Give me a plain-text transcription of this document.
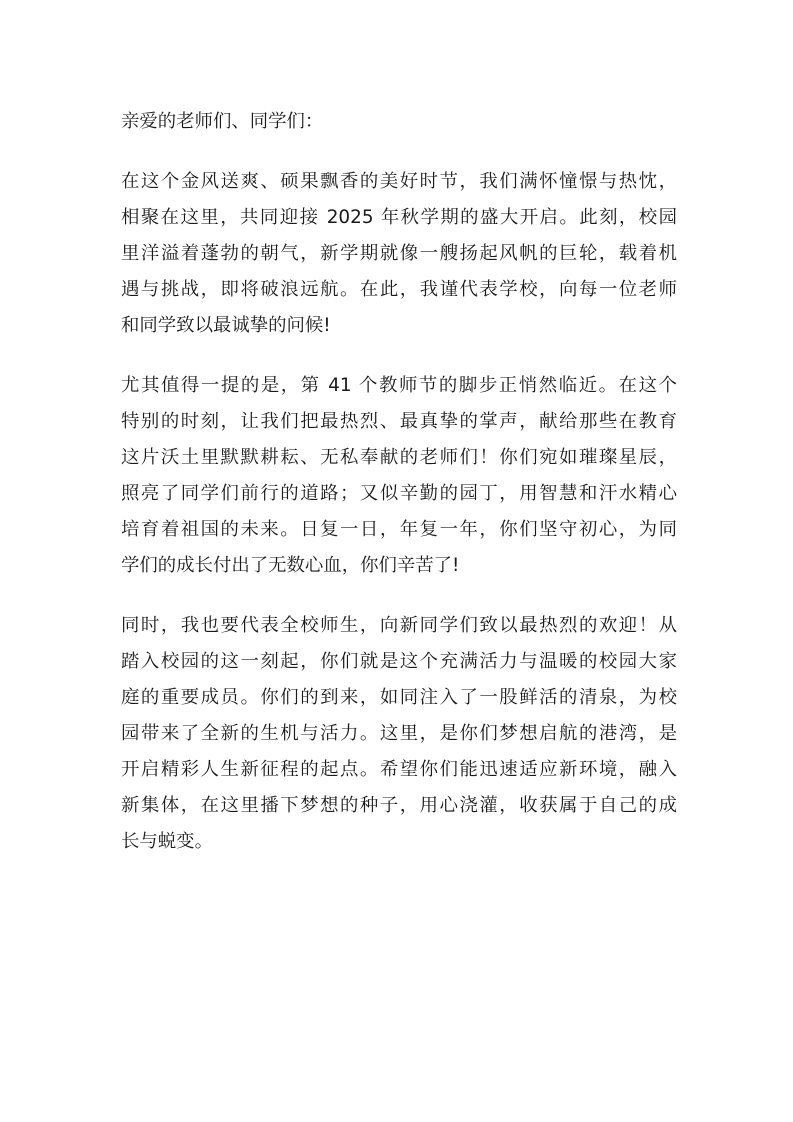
亲爱的老师们、同学们：

在这个金风送爽、硕果飘香的美好时节，我们满怀憧憬与热忱，
相聚在这里，共同迎接 2025 年秋学期的盛大开启。此刻，校园
里洋溢着蓬勃的朝气，新学期就像一艘扬起风帆的巨轮，载着机
遇与挑战，即将破浪远航。在此，我谨代表学校，向每一位老师
和同学致以最诚挚的问候!

尤其值得一提的是，第 41 个教师节的脚步正悄然临近。在这个
特别的时刻，让我们把最热烈、最真挚的掌声，献给那些在教育
这片沃土里默默耕耘、无私奉献的老师们！你们宛如璀璨星辰，
照亮了同学们前行的道路；又似辛勤的园丁，用智慧和汗水精心
培育着祖国的未来。日复一日，年复一年，你们坚守初心，为同
学们的成长付出了无数心血，你们辛苦了!

同时，我也要代表全校师生，向新同学们致以最热烈的欢迎！从
踏入校园的这一刻起，你们就是这个充满活力与温暖的校园大家
庭的重要成员。你们的到来，如同注入了一股鲜活的清泉，为校
园带来了全新的生机与活力。这里，是你们梦想启航的港湾，是
开启精彩人生新征程的起点。希望你们能迅速适应新环境，融入
新集体，在这里播下梦想的种子，用心浇灌，收获属于自己的成
长与蜕变。
